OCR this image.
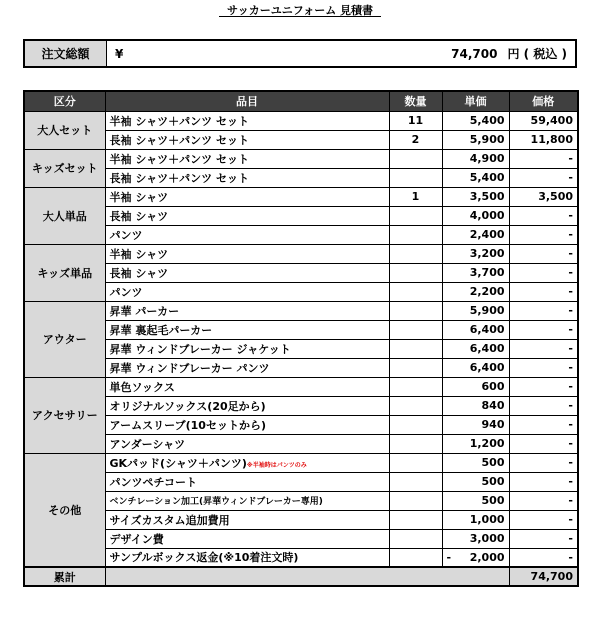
サッカーユニフォーム 見積書
注文総額	¥	74,700 円 ( 税込 )
区分	品目	数量	単価	価格
大人セット	半袖 シャツ＋パンツ セット	11	5,400	59,400
	長袖 シャツ＋パンツ セット	2	5,900	11,800
キッズセット	半袖 シャツ＋パンツ セット		4,900	-
	長袖 シャツ＋パンツ セット		5,400	-
大人単品	半袖 シャツ	1	3,500	3,500
	長袖 シャツ		4,000	-
	パンツ		2,400	-
キッズ単品	半袖 シャツ		3,200	-
	長袖 シャツ		3,700	-
	パンツ		2,200	-
アウター	昇華 パーカー		5,900	-
	昇華 裏起毛パーカー		6,400	-
	昇華 ウィンドブレーカー ジャケット		6,400	-
	昇華 ウィンドブレーカー パンツ		6,400	-
アクセサリー	単色ソックス		600	-
	オリジナルソックス(20足から)		840	-
	アームスリーブ(10セットから)		940	-
	アンダーシャツ		1,200	-
その他	GKパッド(シャツ＋パンツ)※半袖時はパンツのみ		500	-
	パンツペチコート		500	-
	ベンチレーション加工(昇華ウィンドブレーカー専用)		500	-
	サイズカスタム追加費用		1,000	-
	デザイン費		3,000	-
	サンプルボックス返金(※10着注文時)		- 2,000	-
累計				74,700
